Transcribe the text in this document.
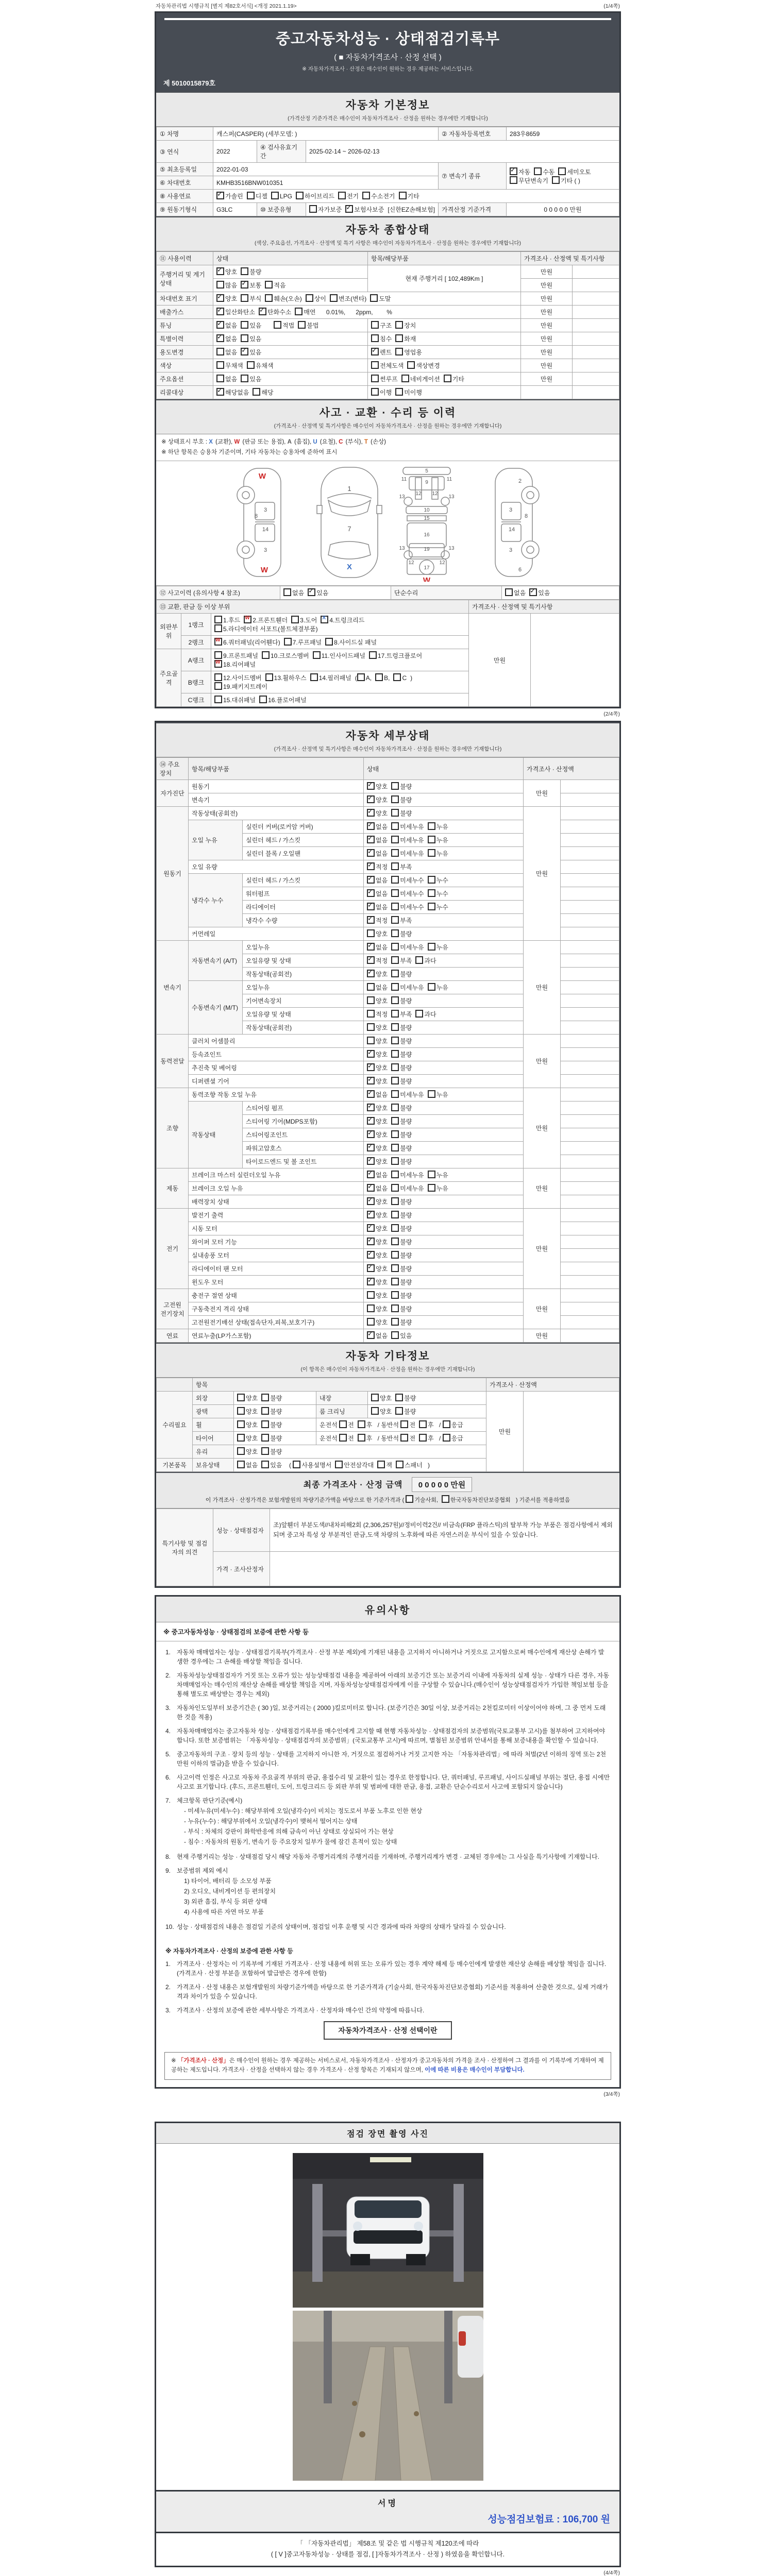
자동차관리법 시행규칙 [별지 제82호서식] <개정 2021.1.19>	(1/4쪽)
중고자동차성능 · 상태점검기록부
( ■ 자동차가격조사 · 산정 선택 )
※ 자동차가격조사 · 산정은 매수인이 원하는 경우 제공하는 서비스입니다.
제 5010015879호
자동차 기본정보
(가격산정 기준가격은 매수인이 자동차가격조사 · 산정을 원하는 경우에만 기재합니다)
① 차명	캐스퍼(CASPER) (세부모델: )			② 자동차등록번호	283우8659
③ 연식	2022	④ 검사유효기간	2025-02-14 ~ 2026-02-13		
⑤ 최초등록일	2022-01-03			⑦ 변속기 종류	✓자동 수동 세미오토무단변속기 기타 ( )
⑥ 차대번호	KMHB3516BNW010351				
⑧ 사용연료	✓가솔린 디젤 LPG 하이브리드 전기 수소전기 기타
⑨ 원동기형식	G3LC	⑩ 보증유형	자가보증 ✓ 보험사보증 [신한EZ손해보험]	가격산정 기준가격	0 0 0 0 0 만원
자동차 종합상태
(색상, 주요옵션, 가격조사 · 산정액 및 특기 사항은 매수인이 자동차가격조사 · 산정을 원하는 경우에만 기재합니다)
⑪ 사용이력	상태	항목/해당부품	가격조사 · 산정액 및 특기사항	
주행거리 및 계기상태	✓양호 불량	현재 주행거리 [ 102,489Km ]	만원	
	많음 ✓ 보통 적음		만원	
차대번호 표기	✓양호 부식 훼손(오손) 상이 변조(변타) 도말		만원	
배출가스	✓일산화탄소 ✓ 탄화수소 매연    0.01%,      2ppm,        %		만원	
튜닝	✓없음 있음 적법 불법	구조 장치	만원	
특별이력	✓없음 있음	침수 화재	만원	
용도변경	없음 ✓ 있음	✓렌트 영업용	만원	
색상	무채색 유채색	전체도색 색상변경	만원	
주요옵션	없음 있음	썬루프 네비게이션 기타	만원	
리콜대상	✓해당없음 해당	이행 미이행		
사고 · 교환 · 수리 등 이력
(가격조사 · 산정액 및 특기사항은 매수인이 자동차가격조사 · 산정을 원하는 경우에만 기재합니다)
※ 상태표시 부호 : X (교환), W (판금 또는 용접), A (흠집), U (요철), C (부식), T (손상)
※ 하단 항목은 승용차 기준이며, 기타 자동차는 승용차에 준하여 표시
8
3
14
3
W
W
1
7
X
5
9
11	11
12 12
13	13
10
15
16
19
13	13
12	12
17
W
2
3
8
14
3
6
⑫ 사고이력 (유의사항 4 참조)	없음 ✓ 있음	단순수리	없음 ✓ 있음
⑬ 교환, 판금 등 이상 부위			가격조사 · 산정액 및 특기사항	
외판부위	1랭크	1.후드 W 2.프론트휀더 3.도어 X 4.트렁크리드5.라디에이터 서포트(볼트체결부품)	만원	
	2랭크	W6.쿼터패널(리어휀다) 7.루프패널 8.사이드실 패널
주요골격	A랭크	9.프론트패널 10.크로스멤버 11.인사이드패널 17.트렁크플로어W18.리어패널
	B랭크	12.사이드멤버 13.휠하우스 14.필러패널 ( A, B, C )19.패키지트레이		
	C랭크	15.대쉬패널 16.플로어패널		
(2/4쪽)
자동차 세부상태
(가격조사 · 산정액 및 특기사항은 매수인이 자동차가격조사 · 산정을 원하는 경우에만 기재합니다)
⑭ 주요장치	항목/해당부품		상태	가격조사 · 산정액	
자가진단	원동기	✓양호 불량	만원	
	변속기	✓양호 불량	
원동기	작동상태(공회전)	✓양호 불량	만원	
	오일 누유	실린더 커버(로커암 커버)	✓없음 미세누유 누유	
		실린더 헤드 / 가스킷	✓없음 미세누유 누유	
		실린더 블록 / 오일팬	✓없음 미세누유 누유	
	오일 유량	✓적정 부족	
	냉각수 누수	실린더 헤드 / 가스킷	✓없음 미세누수 누수	
		워터펌프	✓없음 미세누수 누수	
		라디에이터	✓없음 미세누수 누수	
		냉각수 수량	✓적정 부족	
	커먼레일		양호 불량		
변속기	자동변속기 (A/T)	오일누유	✓없음 미세누유 누유	만원	
		오일유량 및 상태	✓적정 부족 과다	
		작동상태(공회전)	✓양호 불량	
	수동변속기 (M/T)	오일누유	없음 미세누유 누유		
		기어변속장치	양호 불량		
		오일유량 및 상태	적정 부족 과다		
		작동상태(공회전)	양호 불량		
동력전달	클러치 어셈블리		양호 불량	만원	
	등속죠인트	✓양호 불량	
	추진축 및 베어링	✓양호 불량	
	디퍼렌셜 기어	✓양호 불량	
조향	동력조향 작동 오일 누유	✓없음 미세누유 누유	만원	
	작동상태	스티어링 펌프	✓양호 불량	
		스티어링 기어(MDPS포함)	✓양호 불량	
		스티어링조인트	✓양호 불량	
		파워고압호스	✓양호 불량	
		타이로드엔드 및 볼 조인트	✓양호 불량	
제동	브레이크 마스터 실린더오일 누유	✓없음 미세누유 누유	만원	
	브레이크 오일 누유	✓없음 미세누유 누유	
	배력장치 상태	✓양호 불량	
전기	발전기 출력	✓양호 불량	만원	
	시동 모터	✓양호 불량	
	와이퍼 모터 기능	✓양호 불량	
	실내송풍 모터	✓양호 불량	
	라디에이터 팬 모터	✓양호 불량	
	윈도우 모터	✓양호 불량	
고전원 전기장치	충전구 절연 상태		양호 불량	만원	
	구동축전지 격리 상태		양호 불량		
	고전원전기배선 상태(접속단자,피복,보호기구)		양호 불량		
연료	연료누출(LP가스포함)	✓없음 있음	만원	
자동차 기타정보
(이 항목은 매수인이 자동차가격조사 · 산정을 원하는 경우에만 기재합니다)
	항목				가격조사 · 산정액	
수리필요	외장	양호 불량	내장	양호 불량	만원	
	광택	양호 불량	룸 크리닝	양호 불량		
	휠	양호 불량	운전석 전 후 / 동반석 전 후 / 응급			
	타이어	양호 불량	운전석 전 후 / 동반석 전 후 / 응급			
	유리	양호 불량				
기본품목	보유상태	없음 있음  ( 사용설명서 안전삼각대 잭 스패너 )				
최종 가격조사 · 산정 금액 0 0 0 0 0 만원
이 가격조사 · 산정가격은 보험개발원의 차량기준가액을 바탕으로 한 기준가격과 ( 기술사회, 한국자동차진단보증협회 ) 기준서를 적용하였음
특기사항 및 점검자의 의견	성능 · 상태점검자	조)앞휀더 부분도색//내차피해2회 (2,306,257원)//정비이력2건// 비금속(FRP 플라스틱)의 탈부착 가능 부품은 점검사항에서 제외되며 중고차 특성 상 부분적인 판금,도색 차량의 노후화에 따른 자연스러운 부식이 있을 수 있습니다.
	가격 · 조사산정자	
유의사항
※ 중고자동차성능 · 상태점검의 보증에 관한 사항 등
1. 자동차 매매업자는 성능 · 상태점검기록부(가격조사 · 산정 부분 제외)에 기재된 내용을 고지하지 아니하거나 거짓으로 고지함으로써 매수인에게 재산상 손해가 발생한 경우에는 그 손해를 배상할 책임을 집니다.
2. 자동차성능상태점검자가 거짓 또는 오류가 있는 성능상태점검 내용을 제공하여 아래의 보증기간 또는 보증거리 이내에 자동차의 실제 성능 · 상태가 다른 경우, 자동차매매업자는 매수인의 재산상 손해를 배상할 책임을 지며, 자동차성능상태점검자에게 이를 구상할 수 있습니다.(매수인이 성능상태점검자가 가입한 책임보험 등을 통해 별도로 배상받는 경우는 제외)
3. 자동차인도일부터 보증기간은 ( 30 )일, 보증거리는 ( 2000 )킬로미터로 합니다. (보증기간은 30일 이상, 보증거리는 2천킬로미터 이상이어야 하며, 그 중 먼저 도래한 것을 적용)
4. 자동차매매업자는 중고자동차 성능 · 상태점검기록부를 매수인에게 고지할 때 현행 자동차성능 · 상태점검자의 보증범위(국토교통부 고시)를 첨부하여 고지하여야 합니다. 또한 보증범위는 「자동차성능 · 상태점검자의 보증범위」(국토교통부 고시)에 따르며, 별첨된 보증범위 안내서를 통해 보증내용을 확인할 수 있습니다.
5. 중고자동차의 구조 · 장치 등의 성능 · 상태를 고지하지 아니한 자, 거짓으로 점검하거나 거짓 고지한 자는 「자동차관리법」에 따라 처벌(2년 이하의 징역 또는 2천만원 이하의 벌금)을 받을 수 있습니다.
6. 사고이력 인정은 사고로 자동차 주요골격 부위의 판금, 용접수리 및 교환이 있는 경우로 한정합니다. 단, 쿼터패널, 루프패널, 사이드실패널 부위는 절단, 용접 시에만 사고로 표기합니다. (후드, 프론트휀더, 도어, 트렁크리드 등 외판 부위 및 범퍼에 대한 판금, 용접, 교환은 단순수리로서 사고에 포함되지 않습니다)
7. 체크항목 판단기준(예시)
- 미세누유(미세누수) : 해당부위에 오일(냉각수)이 비치는 정도로서 부품 노후로 인한 현상
- 누유(누수) : 해당부위에서 오일(냉각수)이 맺혀서 떨어지는 상태
- 부식 : 차체의 강판이 화학반응에 의해 금속이 아닌 상태로 상실되어 가는 현상
- 침수 : 자동차의 원동기, 변속기 등 주요장치 일부가 물에 잠긴 흔적이 있는 상태
8. 현재 주행거리는 성능 · 상태점검 당시 해당 자동차 주행거리계의 주행거리를 기재하며, 주행거리계가 변경 · 교체된 경우에는 그 사실을 특기사항에 기재합니다.
9. 보증범위 제외 예시
1) 타이어, 배터리 등 소모성 부품
2) 오디오, 내비게이션 등 편의장치
3) 외관 흠집, 부식 등 외판 상태
4) 사용에 따른 자연 마모 부품
10. 성능 · 상태점검의 내용은 점검일 기준의 상태이며, 점검일 이후 운행 및 시간 경과에 따라 차량의 상태가 달라질 수 있습니다.
※ 자동차가격조사 · 산정의 보증에 관한 사항 등
1. 가격조사 · 산정자는 이 기록부에 기재된 가격조사 · 산정 내용에 허위 또는 오류가 있는 경우 계약 해제 등 매수인에게 발생한 재산상 손해를 배상할 책임을 집니다. (가격조사 · 산정 부분을 포함하여 발급받은 경우에 한함)
2. 가격조사 · 산정 내용은 보험개발원의 차량기준가액을 바탕으로 한 기준가격과 (기술사회, 한국자동차진단보증협회) 기준서를 적용하여 산출한 것으로, 실제 거래가격과 차이가 있을 수 있습니다.
3. 가격조사 · 산정의 보증에 관한 세부사항은 가격조사 · 산정자와 매수인 간의 약정에 따릅니다.
자동차가격조사 · 산정 선택이란
※ 「가격조사 · 산정」은 매수인이 원하는 경우 제공하는 서비스로서, 자동차가격조사 · 산정자가 중고자동차의 가격을 조사 · 산정하여 그 결과를 이 기록부에 기재하여 제공하는 제도입니다. 가격조사 · 산정을 선택하지 않는 경우 가격조사 · 산정 항목은 기재되지 않으며, 이에 따른 비용은 매수인이 부담합니다.
(3/4쪽)
점검 장면 촬영 사진
서명
성능점검보험료 : 106,700 원
「 「자동차관리법」 제58조 및 같은 법 시행규칙 제120조에 따라
( [ V ]중고자동차성능 · 상태를 점검, [ ]자동차가격조사 · 산정 ) 하였음을 확인합니다.
(4/4쪽)
